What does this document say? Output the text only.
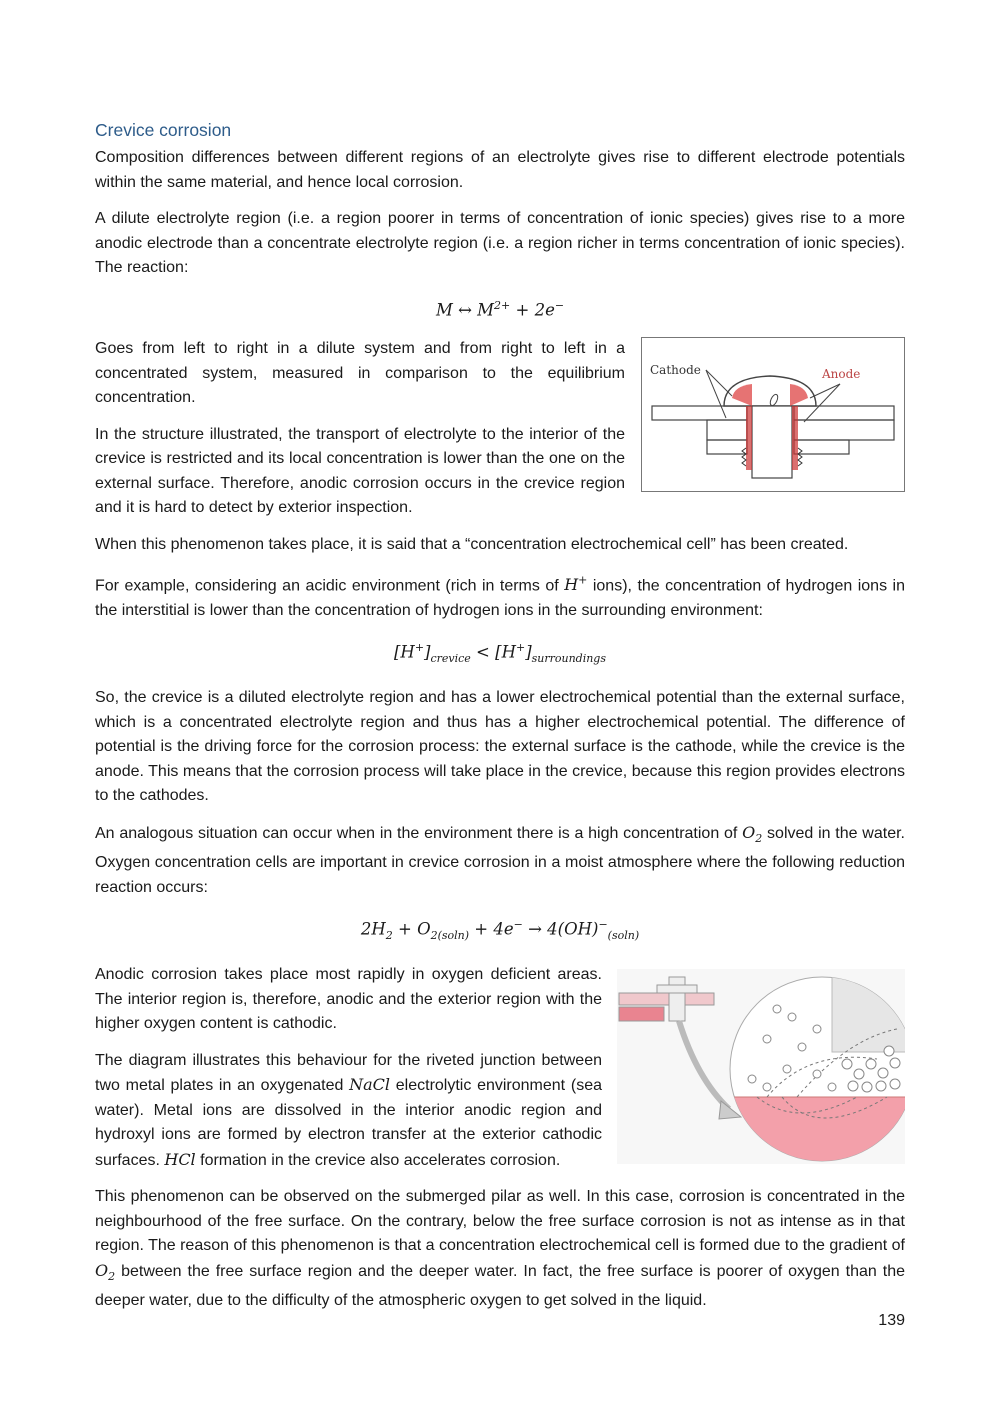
Crevice corrosion

Composition differences between different regions of an electrolyte gives rise to different electrode potentials within the same material, and hence local corrosion.

A dilute electrolyte region (i.e. a region poorer in terms of concentration of ionic species) gives rise to a more anodic electrode than a concentrate electrolyte region (i.e. a region richer in terms concentration of ionic species). The reaction:

M ↔ $M^{2+} + 2e^-$

Goes from left to right in a dilute system and from right to left in a concentrated system, measured in comparison to the equilibrium concentration.

In the structure illustrated, the transport of electrolyte to the interior of the crevice is restricted and its local concentration is lower than the one on the external surface. Therefore, anodic corrosion occurs in the crevice region and it is hard to detect by exterior inspection.

Cathode	Anode

When this phenomenon takes place, it is said that a “concentration electrochemical cell” has been created.

For example, considering an acidic environment (rich in terms of H+ ions), the concentration of hydrogen ions in the interstitial is lower than the concentration of hydrogen ions in the surrounding environment:

$[H^+]_{crevice} < [H^+]_{surroundings}$

So, the crevice is a diluted electrolyte region and has a lower electrochemical potential than the external surface, which is a concentrated electrolyte region and thus has a higher electrochemical potential. The difference of potential is the driving force for the corrosion process: the external surface is the cathode, while the crevice is the anode. This means that the corrosion process will take place in the crevice, because this region provides electrons to the cathodes.

An analogous situation can occur when in the environment there is a high concentration of $O_2$ solved in the water. Oxygen concentration cells are important in crevice corrosion in a moist atmosphere where the following reduction reaction occurs:

$2H_2 + O_{2(soln)} + 4e^- \to 4(OH)^-_{(soln)}$

Anodic corrosion takes place most rapidly in oxygen deficient areas. The interior region is, therefore, anodic and the exterior region with the higher oxygen content is cathodic.

The diagram illustrates this behaviour for the riveted junction between two metal plates in an oxygenated NaCl electrolytic environment (sea water). Metal ions are dissolved in the interior anodic region and hydroxyl ions are formed by electron transfer at the exterior cathodic surfaces. HCl formation in the crevice also accelerates corrosion.

This phenomenon can be observed on the submerged pilar as well. In this case, corrosion is concentrated in the neighbourhood of the free surface. On the contrary, below the free surface corrosion is not as intense as in that region. The reason of this phenomenon is that a concentration electrochemical cell is formed due to the gradient of $O_2$ between the free surface region and the deeper water. In fact, the free surface is poorer of oxygen than the deeper water, due to the difficulty of the atmospheric oxygen to get solved in the liquid.

139
